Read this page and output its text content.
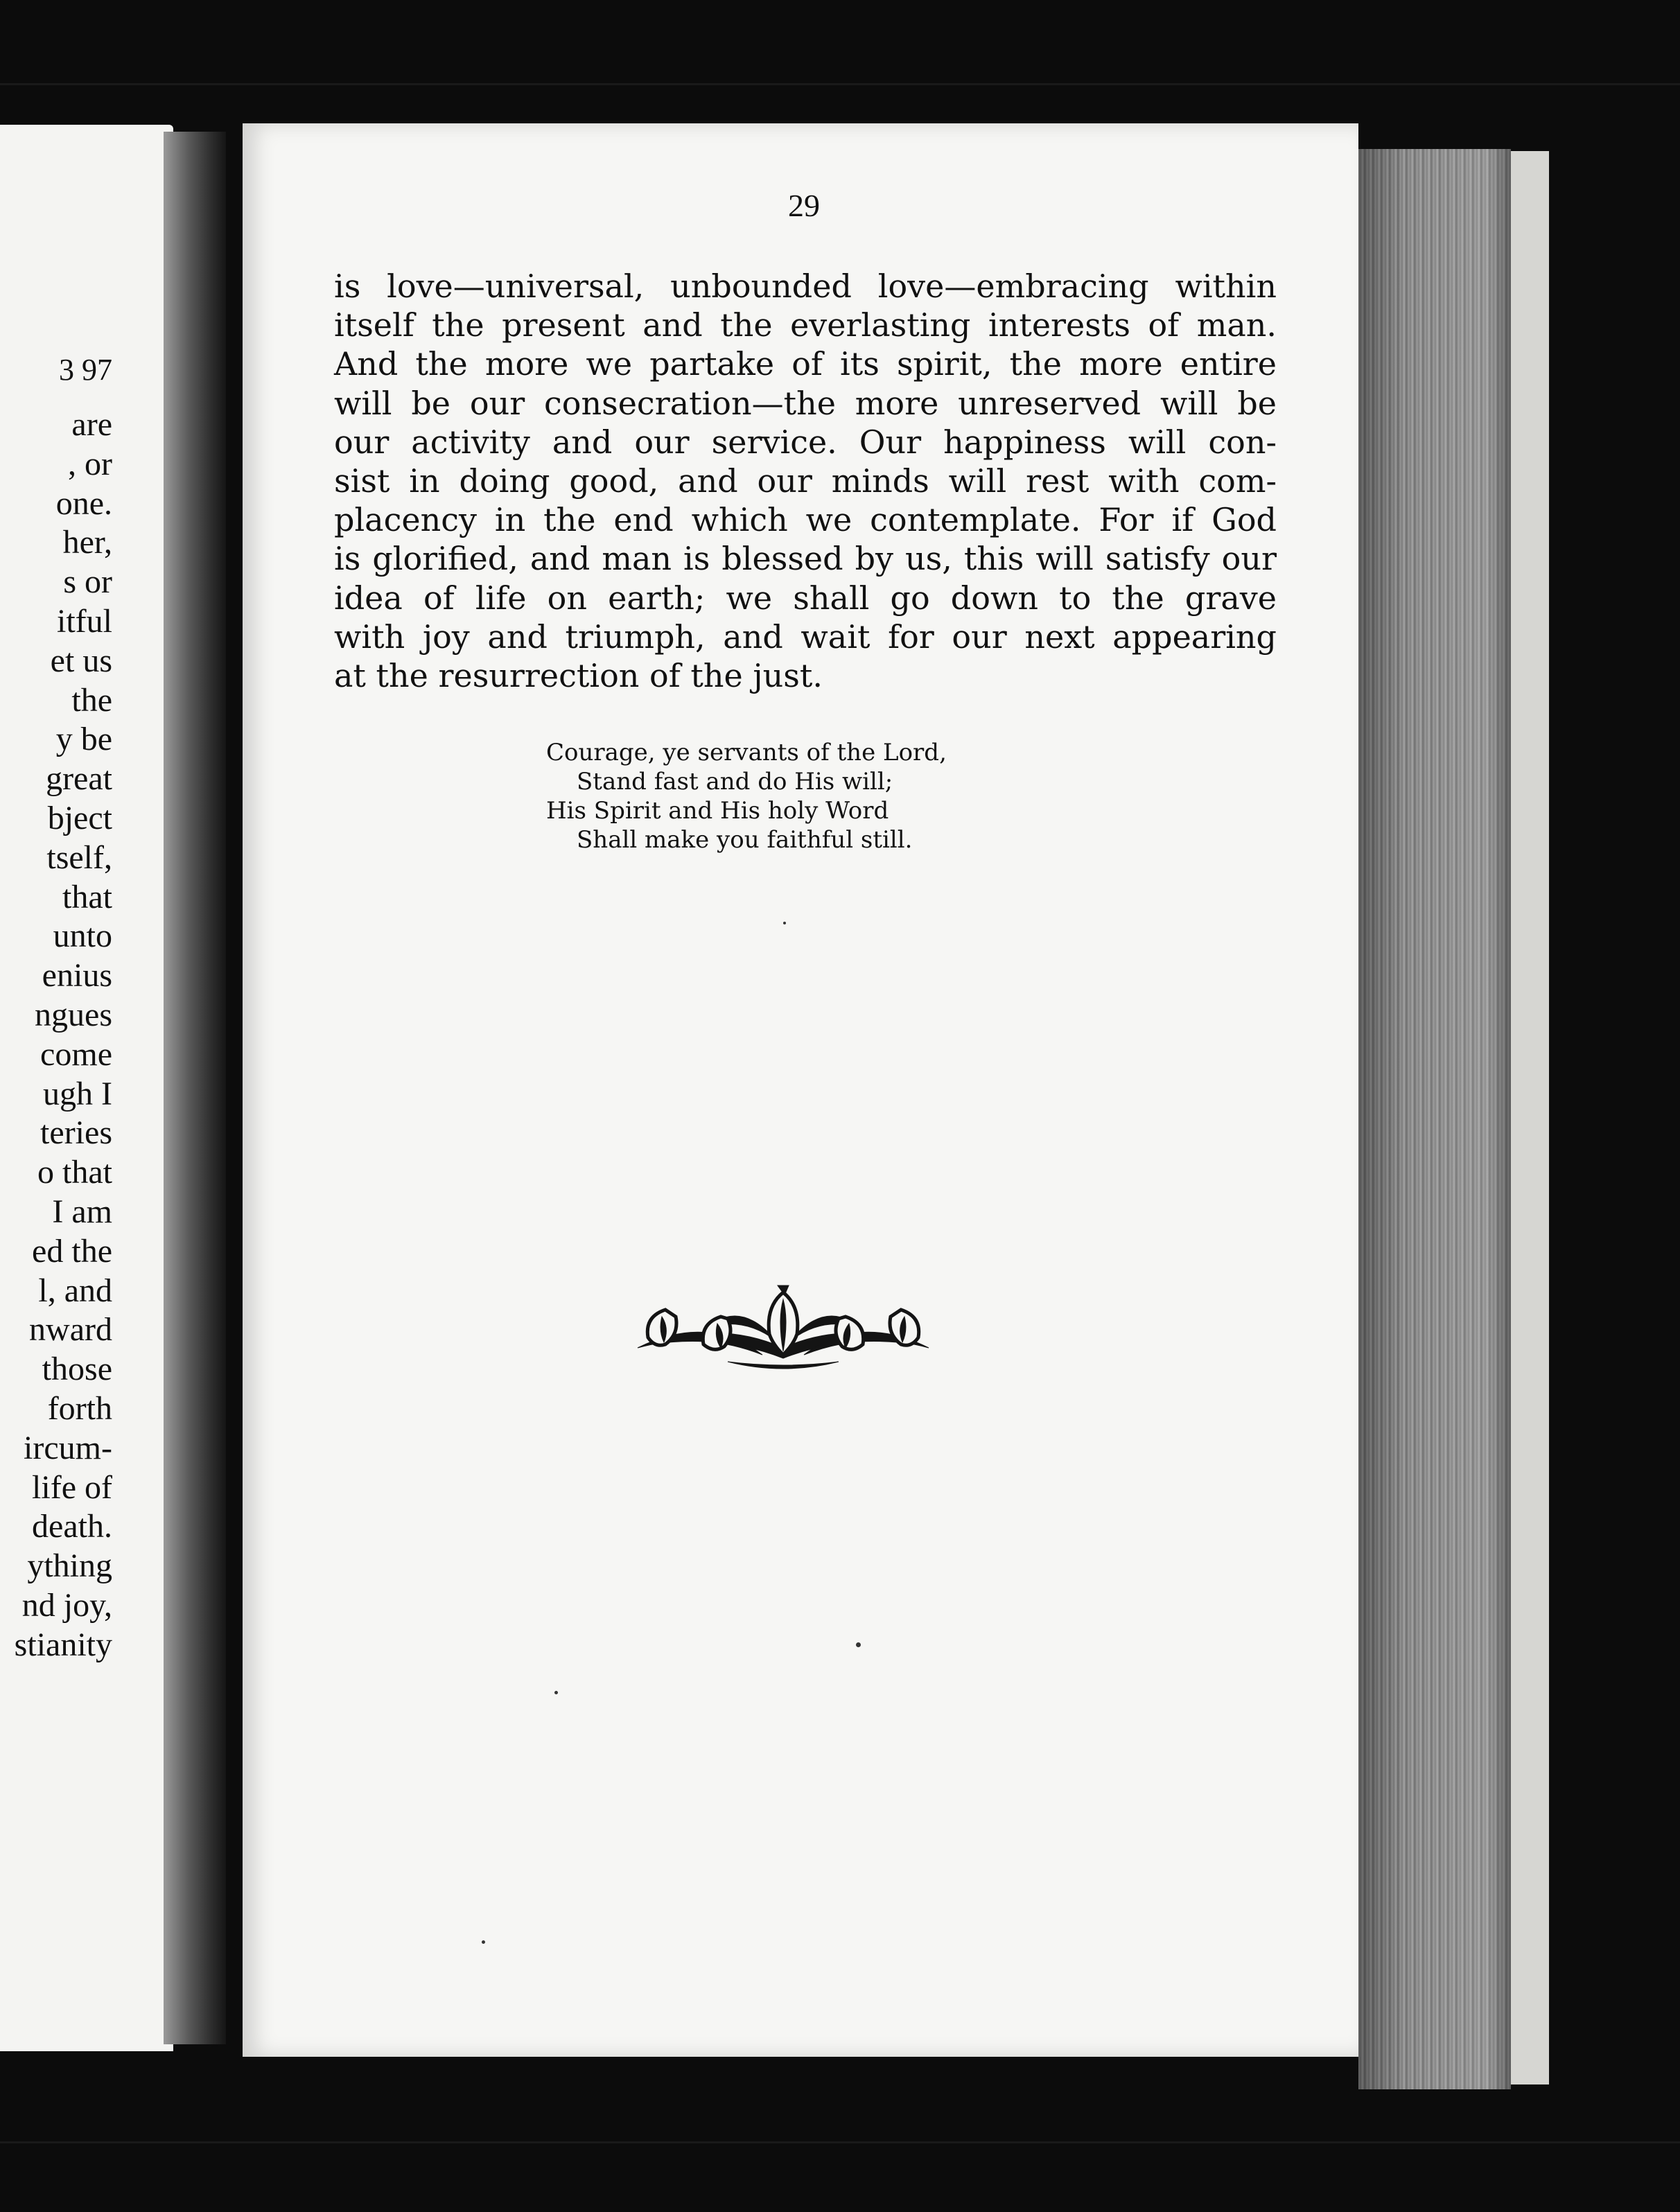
3 97
are
, or
one.
her,
s or
itful
et us
the
y be
great
bject
tself,
that
unto
enius
ngues
come
ugh I
teries
o that
I am
ed the
l, and
nward
those
forth
ircum-
life of
death.
ything
nd joy,
stianity
29
is love—universal, unbounded love—embracing within
itself the present and the everlasting interests of man.
And the more we partake of its spirit, the more entire
will be our consecration—the more unreserved will be
our activity and our service. Our happiness will con-
sist in doing good, and our minds will rest with com-
placency in the end which we contemplate. For if God
is glorified, and man is blessed by us, this will satisfy our
idea of life on earth; we shall go down to the grave
with joy and triumph, and wait for our next appearing
at the resurrection of the just.
Courage, ye servants of the Lord,
Stand fast and do His will;
His Spirit and His holy Word
Shall make you faithful still.
